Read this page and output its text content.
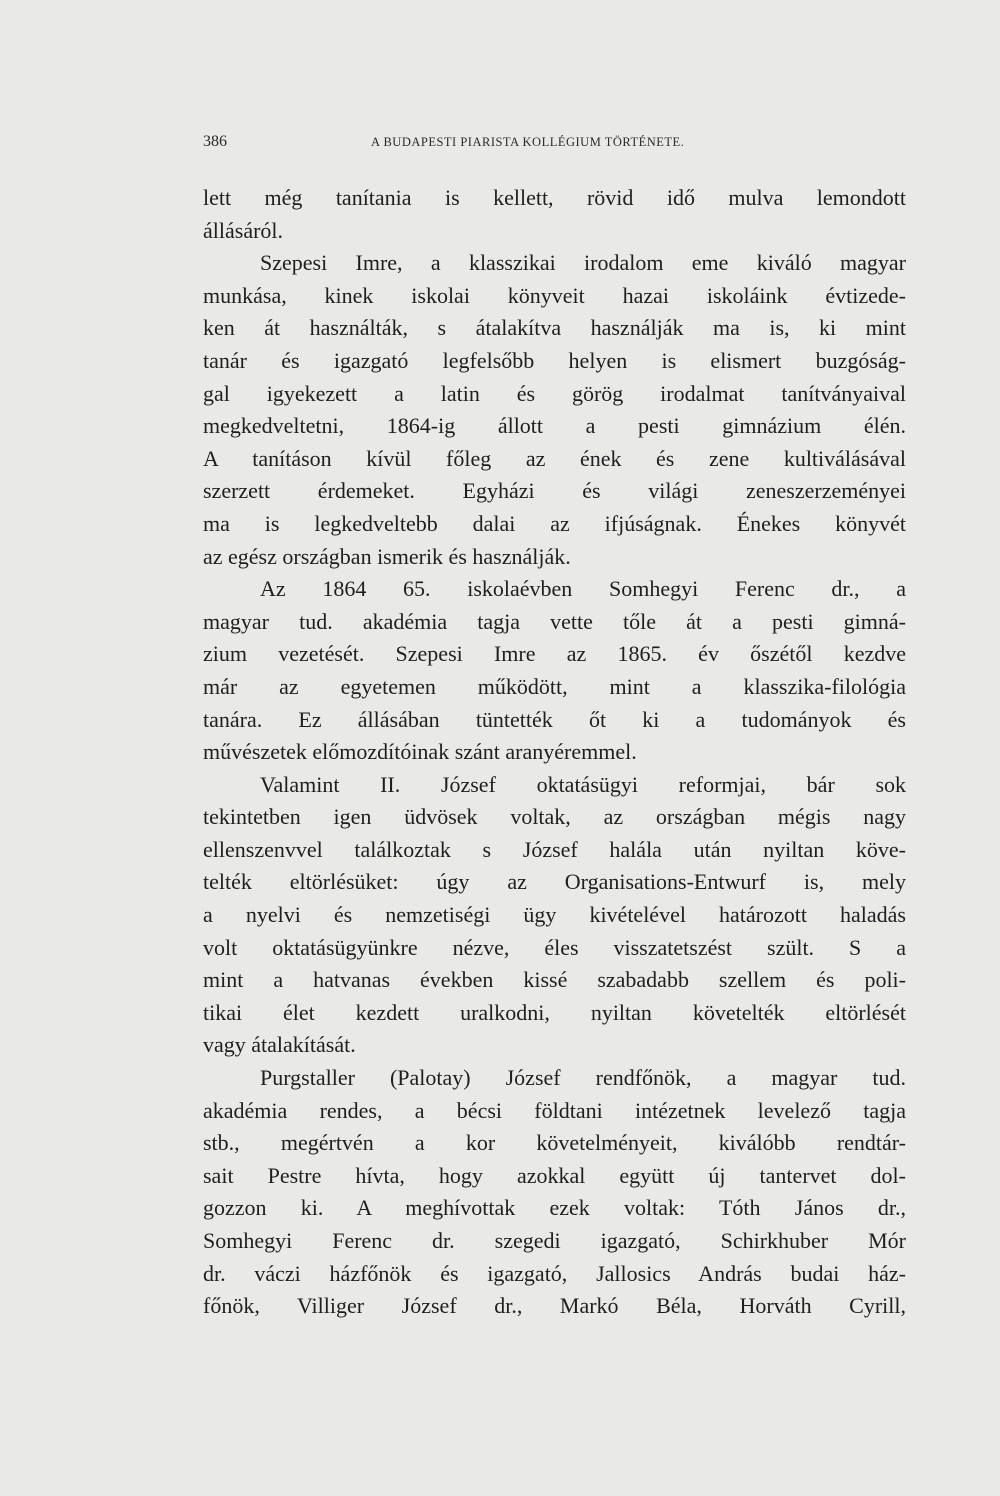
386	A BUDAPESTI PIARISTA KOLLÉGIUM TÖRTÉNETE.
lett még tanítania is kellett, rövid idő mulva lemondott
állásáról.
Szepesi Imre, a klasszikai irodalom eme kiváló magyar
munkása, kinek iskolai könyveit hazai iskoláink évtizede-
ken át használták, s átalakítva használják ma is, ki mint
tanár és igazgató legfelsőbb helyen is elismert buzgóság-
gal igyekezett a latin és görög irodalmat tanítványaival
megkedveltetni, 1864-ig állott a pesti gimnázium élén.
A tanításon kívül főleg az ének és zene kultiválásával
szerzett érdemeket. Egyházi és világi zeneszerzeményei
ma is legkedveltebb dalai az ifjúságnak. Énekes könyvét
az egész országban ismerik és használják.
Az 1864 65. iskolaévben Somhegyi Ferenc dr., a
magyar tud. akadémia tagja vette tőle át a pesti gimná-
zium vezetését. Szepesi Imre az 1865. év őszétől kezdve
már az egyetemen működött, mint a klasszika-filológia
tanára. Ez állásában tüntették őt ki a tudományok és
művészetek előmozdítóinak szánt aranyéremmel.
Valamint II. József oktatásügyi reformjai, bár sok
tekintetben igen üdvösek voltak, az országban mégis nagy
ellenszenvvel találkoztak s József halála után nyiltan köve-
telték eltörlésüket: úgy az Organisations-Entwurf is, mely
a nyelvi és nemzetiségi ügy kivételével határozott haladás
volt oktatásügyünkre nézve, éles visszatetszést szült. S a
mint a hatvanas években kissé szabadabb szellem és poli-
tikai élet kezdett uralkodni, nyiltan követelték eltörlését
vagy átalakítását.
Purgstaller (Palotay) József rendfőnök, a magyar tud.
akadémia rendes, a bécsi földtani intézetnek levelező tagja
stb., megértvén a kor követelményeit, kiválóbb rendtár-
sait Pestre hívta, hogy azokkal együtt új tantervet dol-
gozzon ki. A meghívottak ezek voltak: Tóth János dr.,
Somhegyi Ferenc dr. szegedi igazgató, Schirkhuber Mór
dr. váczi házfőnök és igazgató, Jallosics András budai ház-
főnök, Villiger József dr., Markó Béla, Horváth Cyrill,
